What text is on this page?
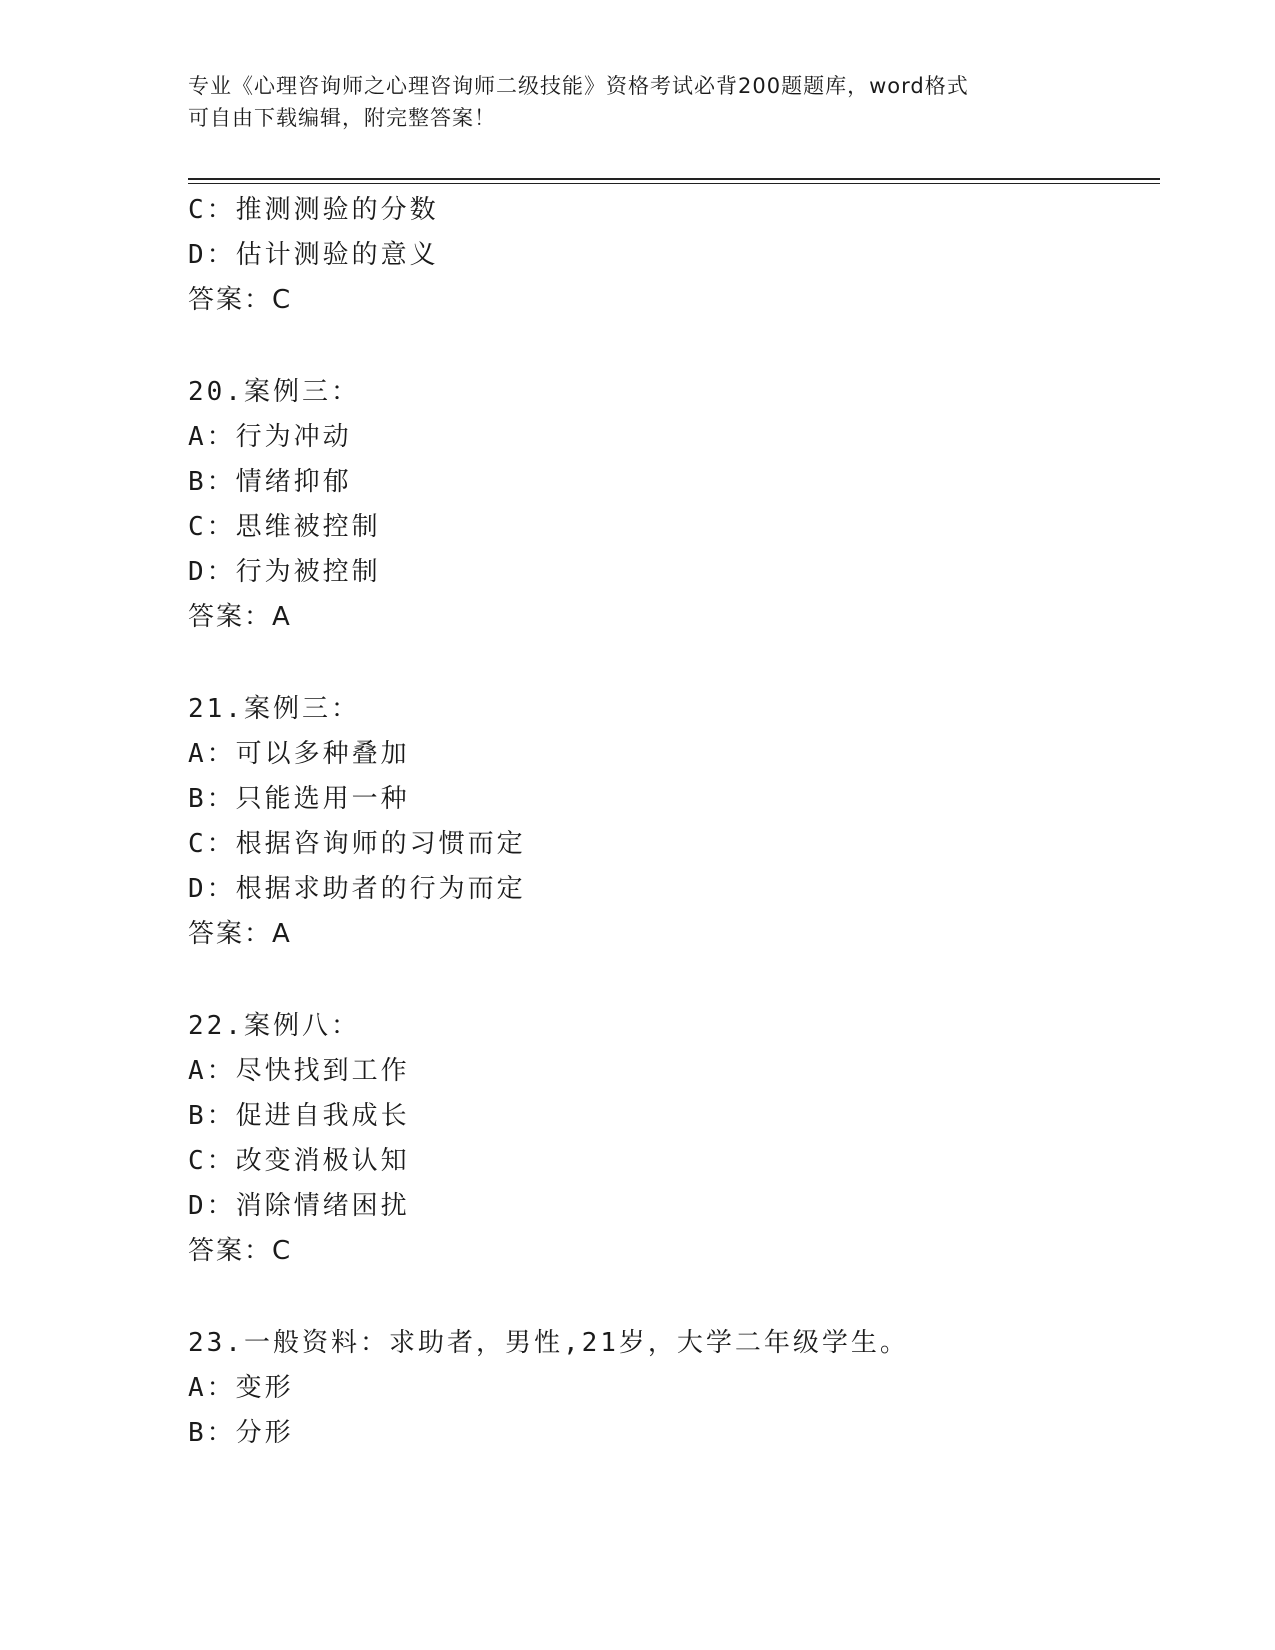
专业《心理咨询师之心理咨询师二级技能》资格考试必背200题题库，word格式
可自由下载编辑，附完整答案！
C：推测测验的分数
D：估计测验的意义
答案：C
20.案例三：
A：行为冲动
B：情绪抑郁
C：思维被控制
D：行为被控制
答案：A
21.案例三：
A：可以多种叠加
B：只能选用一种
C：根据咨询师的习惯而定
D：根据求助者的行为而定
答案：A
22.案例八：
A：尽快找到工作
B：促进自我成长
C：改变消极认知
D：消除情绪困扰
答案：C
23.一般资料：求助者，男性,21岁，大学二年级学生。
A：变形
B：分形
